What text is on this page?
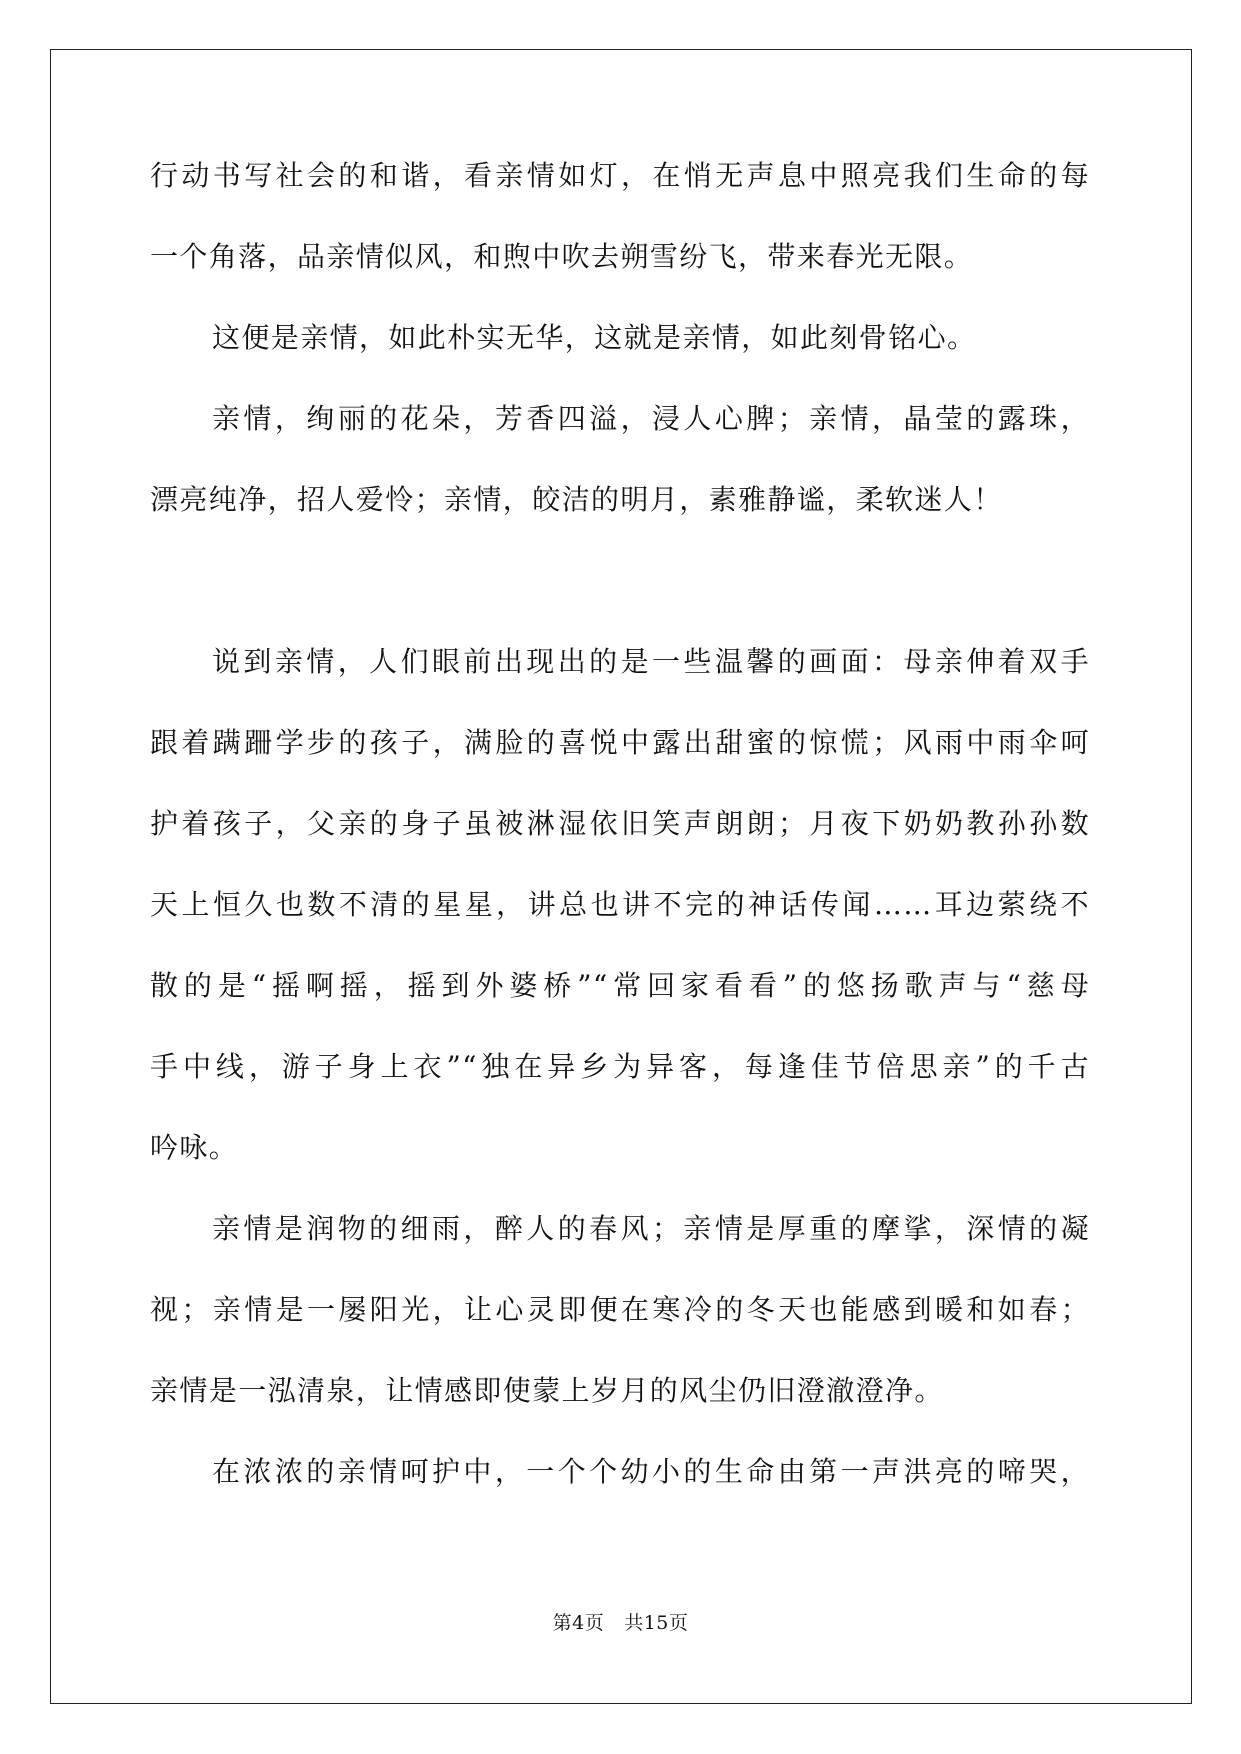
行动书写社会的和谐，看亲情如灯，在悄无声息中照亮我们生命的每
一个角落，品亲情似风，和煦中吹去朔雪纷飞，带来春光无限。
这便是亲情，如此朴实无华，这就是亲情，如此刻骨铭心。
亲情，绚丽的花朵，芳香四溢，浸人心脾；亲情，晶莹的露珠，
漂亮纯净，招人爱怜；亲情，皎洁的明月，素雅静谧，柔软迷人！
说到亲情，人们眼前出现出的是一些温馨的画面：母亲伸着双手
跟着蹒跚学步的孩子，满脸的喜悦中露出甜蜜的惊慌；风雨中雨伞呵
护着孩子，父亲的身子虽被淋湿依旧笑声朗朗；月夜下奶奶教孙孙数
天上恒久也数不清的星星，讲总也讲不完的神话传闻……耳边萦绕不
散的是“摇啊摇，摇到外婆桥”“常回家看看”的悠扬歌声与“慈母
手中线，游子身上衣”“独在异乡为异客，每逢佳节倍思亲”的千古
吟咏。
亲情是润物的细雨，醉人的春风；亲情是厚重的摩挲，深情的凝
视；亲情是一屡阳光，让心灵即便在寒冷的冬天也能感到暖和如春；
亲情是一泓清泉，让情感即使蒙上岁月的风尘仍旧澄澈澄净。
在浓浓的亲情呵护中，一个个幼小的生命由第一声洪亮的啼哭，
第4页 共15页
